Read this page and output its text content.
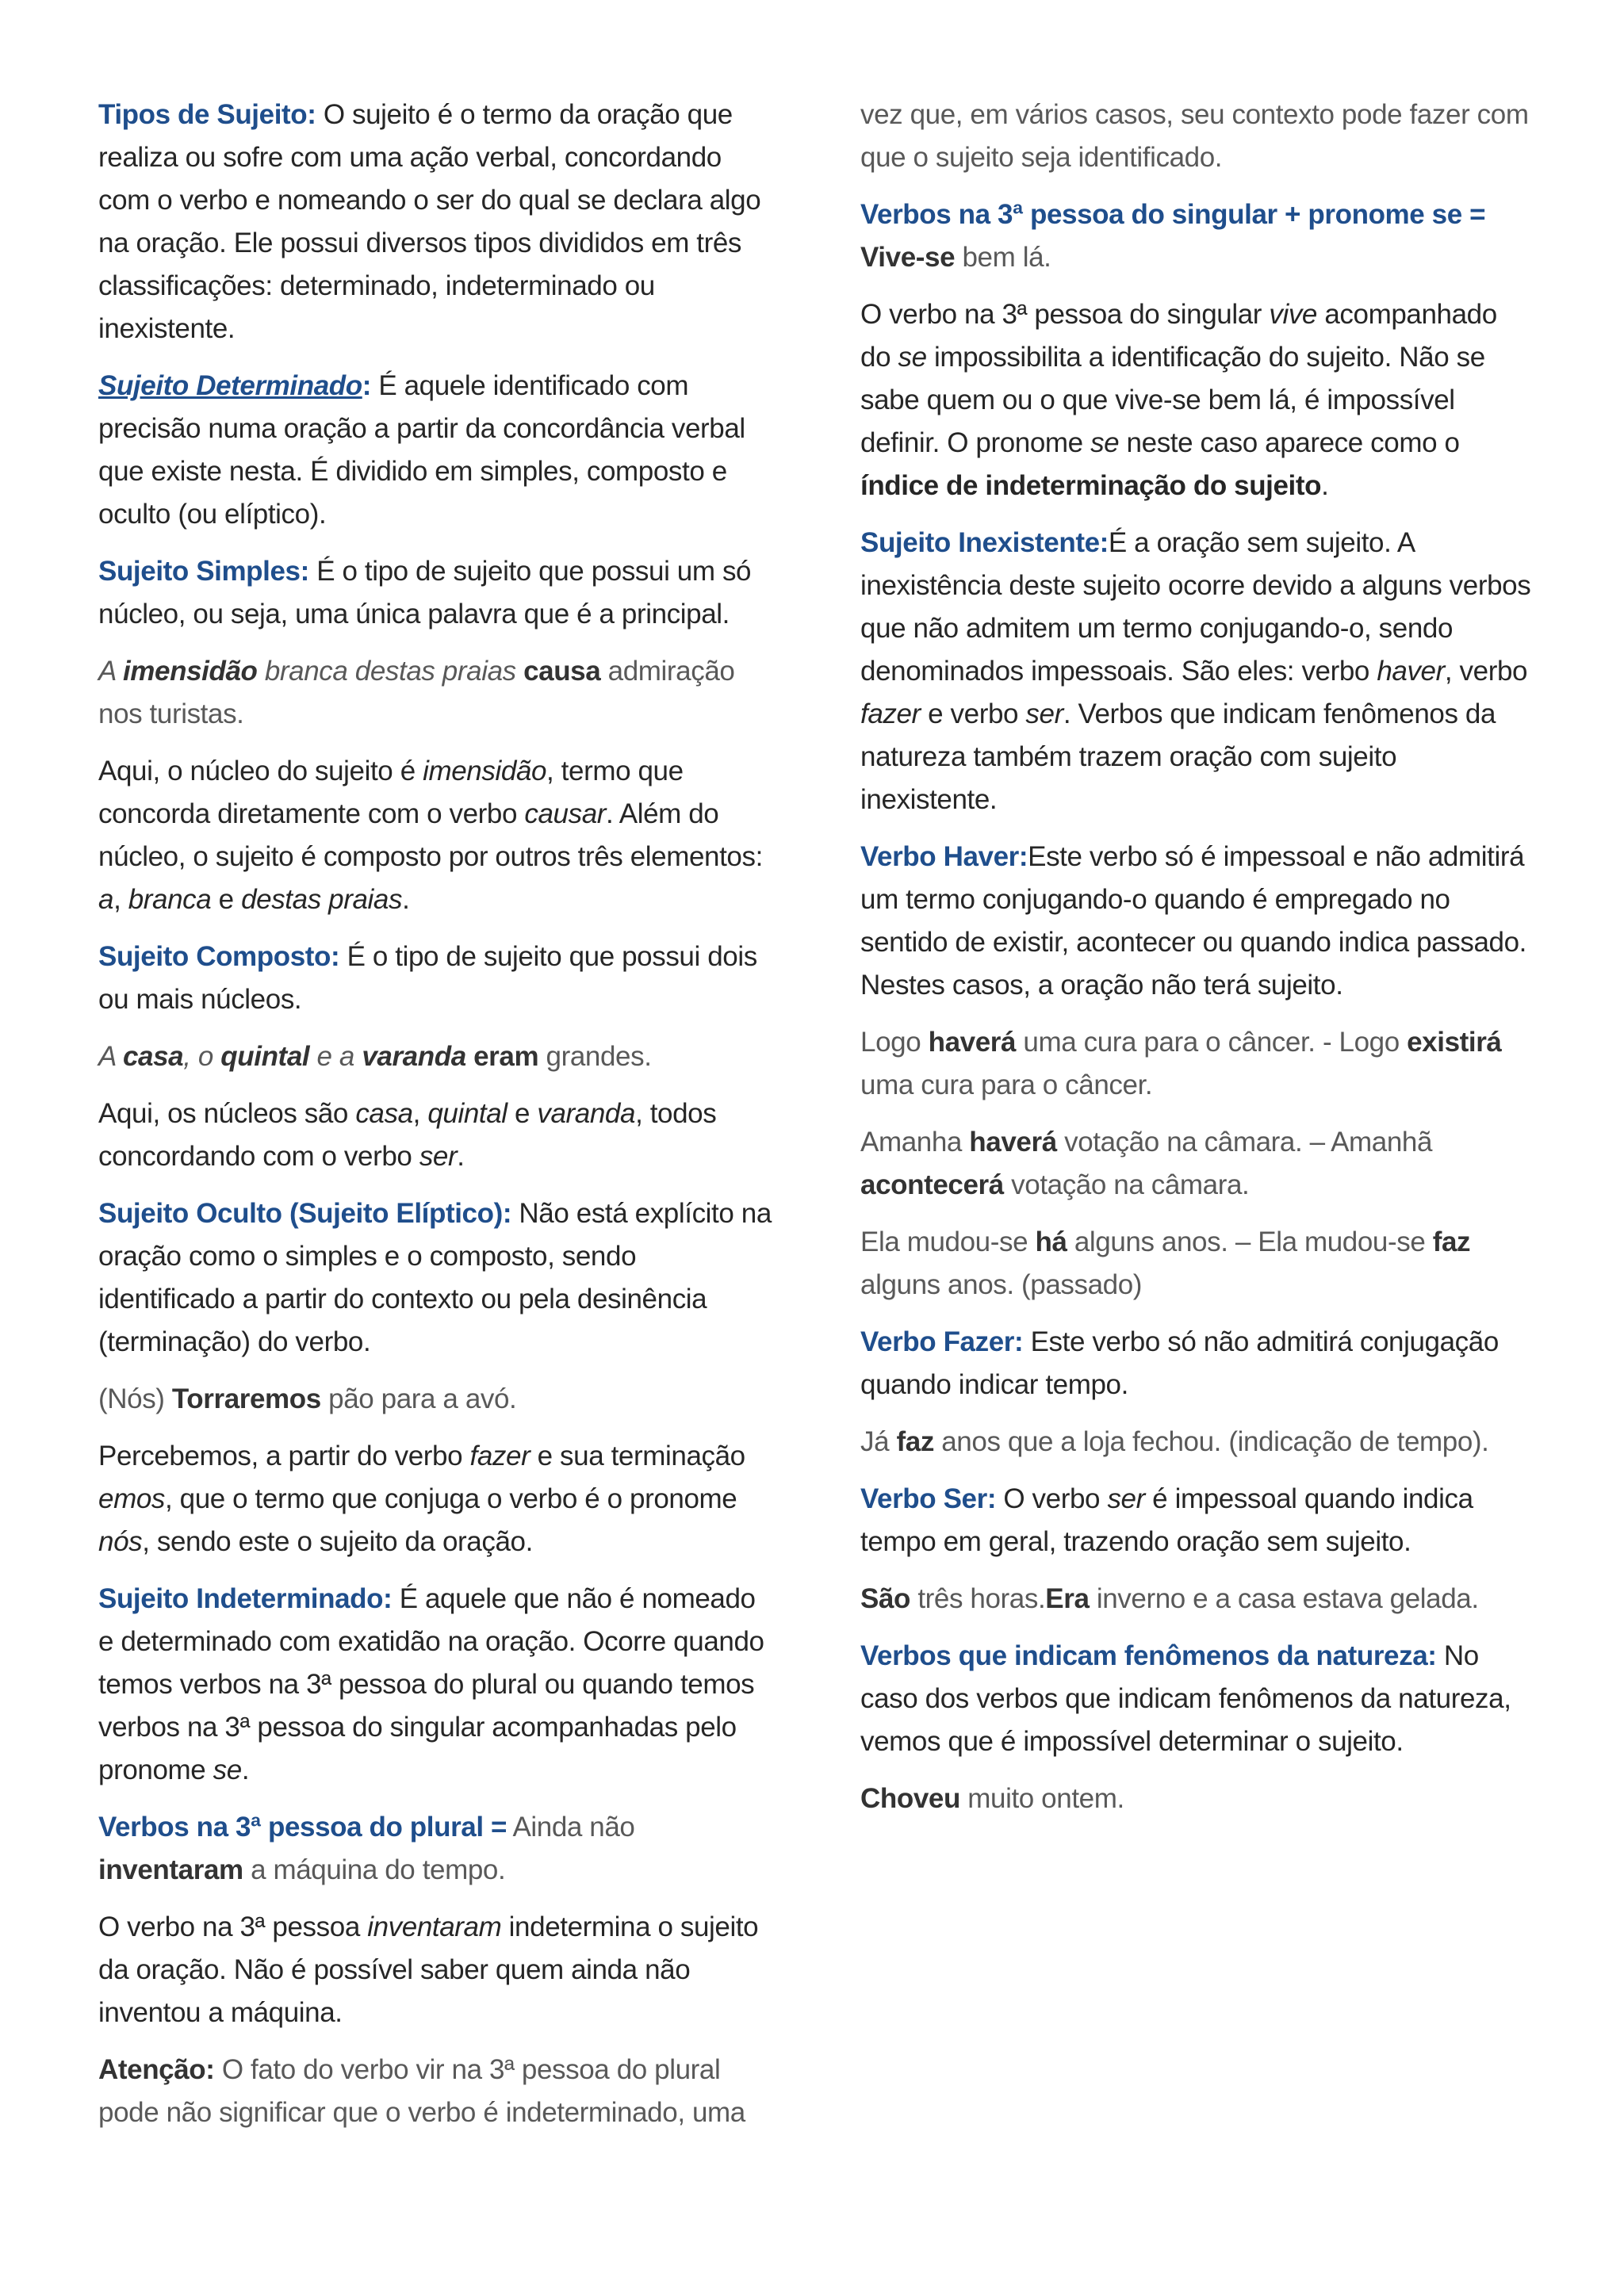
Tipos de Sujeito: O sujeito é o termo da oração que realiza ou sofre com uma ação verbal, concordando com o verbo e nomeando o ser do qual se declara algo na oração. Ele possui diversos tipos divididos em três classificações: determinado, indeterminado ou inexistente.

Sujeito Determinado: É aquele identificado com precisão numa oração a partir da concordância verbal que existe nesta. É dividido em simples, composto e oculto (ou elíptico).

Sujeito Simples: É o tipo de sujeito que possui um só núcleo, ou seja, uma única palavra que é a principal.

A imensidão branca destas praias causa admiração nos turistas.

Aqui, o núcleo do sujeito é imensidão, termo que concorda diretamente com o verbo causar. Além do núcleo, o sujeito é composto por outros três elementos: a, branca e destas praias.

Sujeito Composto: É o tipo de sujeito que possui dois ou mais núcleos.

A casa, o quintal e a varanda eram grandes.

Aqui, os núcleos são casa, quintal e varanda, todos concordando com o verbo ser.

Sujeito Oculto (Sujeito Elíptico): Não está explícito na oração como o simples e o composto, sendo identificado a partir do contexto ou pela desinência (terminação) do verbo.

(Nós) Torraremos pão para a avó.

Percebemos, a partir do verbo fazer e sua terminação emos, que o termo que conjuga o verbo é o pronome nós, sendo este o sujeito da oração.

Sujeito Indeterminado: É aquele que não é nomeado e determinado com exatidão na oração. Ocorre quando temos verbos na 3ª pessoa do plural ou quando temos verbos na 3ª pessoa do singular acompanhadas pelo pronome se.

Verbos na 3ª pessoa do plural = Ainda não inventaram a máquina do tempo.

O verbo na 3ª pessoa inventaram indetermina o sujeito da oração. Não é possível saber quem ainda não inventou a máquina.

Atenção: O fato do verbo vir na 3ª pessoa do plural pode não significar que o verbo é indeterminado, uma

vez que, em vários casos, seu contexto pode fazer com que o sujeito seja identificado.

Verbos na 3ª pessoa do singular + pronome se =
Vive-se bem lá.

O verbo na 3ª pessoa do singular vive acompanhado do se impossibilita a identificação do sujeito. Não se sabe quem ou o que vive-se bem lá, é impossível definir. O pronome se neste caso aparece como o índice de indeterminação do sujeito.

Sujeito Inexistente:É a oração sem sujeito. A inexistência deste sujeito ocorre devido a alguns verbos que não admitem um termo conjugando-o, sendo denominados impessoais. São eles: verbo haver, verbo fazer e verbo ser. Verbos que indicam fenômenos da natureza também trazem oração com sujeito inexistente.

Verbo Haver:Este verbo só é impessoal e não admitirá um termo conjugando-o quando é empregado no sentido de existir, acontecer ou quando indica passado. Nestes casos, a oração não terá sujeito.

Logo haverá uma cura para o câncer. - Logo existirá uma cura para o câncer.

Amanha haverá votação na câmara. – Amanhã acontecerá votação na câmara.

Ela mudou-se há alguns anos. – Ela mudou-se faz alguns anos. (passado)

Verbo Fazer: Este verbo só não admitirá conjugação quando indicar tempo.

Já faz anos que a loja fechou. (indicação de tempo).

Verbo Ser: O verbo ser é impessoal quando indica tempo em geral, trazendo oração sem sujeito.

São três horas.Era inverno e a casa estava gelada.

Verbos que indicam fenômenos da natureza: No caso dos verbos que indicam fenômenos da natureza, vemos que é impossível determinar o sujeito.

Choveu muito ontem.
